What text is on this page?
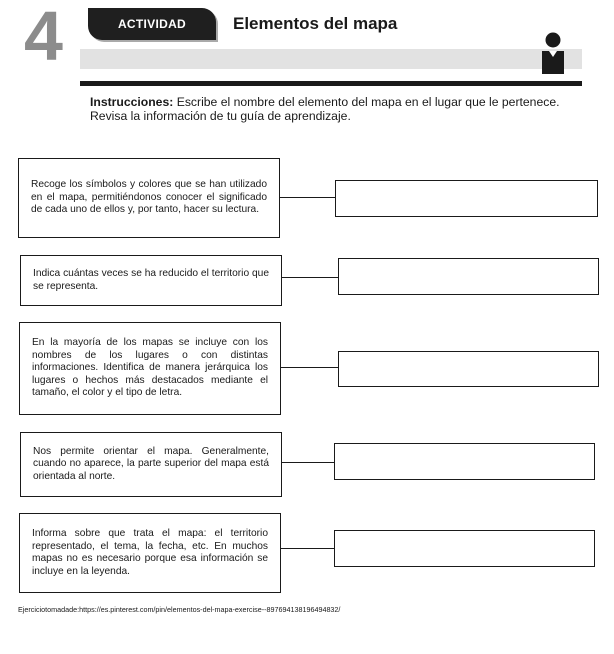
4	ACTIVIDAD	Elementos del mapa
Instrucciones: Escribe el nombre del elemento del mapa en el lugar que le pertenece. Revisa la información de tu guía de aprendizaje.
Recoge los símbolos y colores que se han utilizado en el mapa, permitiéndonos conocer el significado de cada uno de ellos y, por tanto, hacer su lectura.
Indica cuántas veces se ha reducido el territorio que se representa.
En la mayoría de los mapas se incluye con los nombres de los lugares o con distintas informaciones. Identifica de manera jerárquica los lugares o hechos más destacados mediante el tamaño, el color y el tipo de letra.
Nos permite orientar el mapa. Generalmente, cuando no aparece, la parte superior del mapa está orientada al norte.
Informa sobre que trata el mapa: el territorio representado, el tema, la fecha, etc. En muchos mapas no es necesario porque esa información se incluye en la leyenda.
Ejerciciotomadade:https://es.pinterest.com/pin/elementos-del-mapa-exercise--897694138196494832/
